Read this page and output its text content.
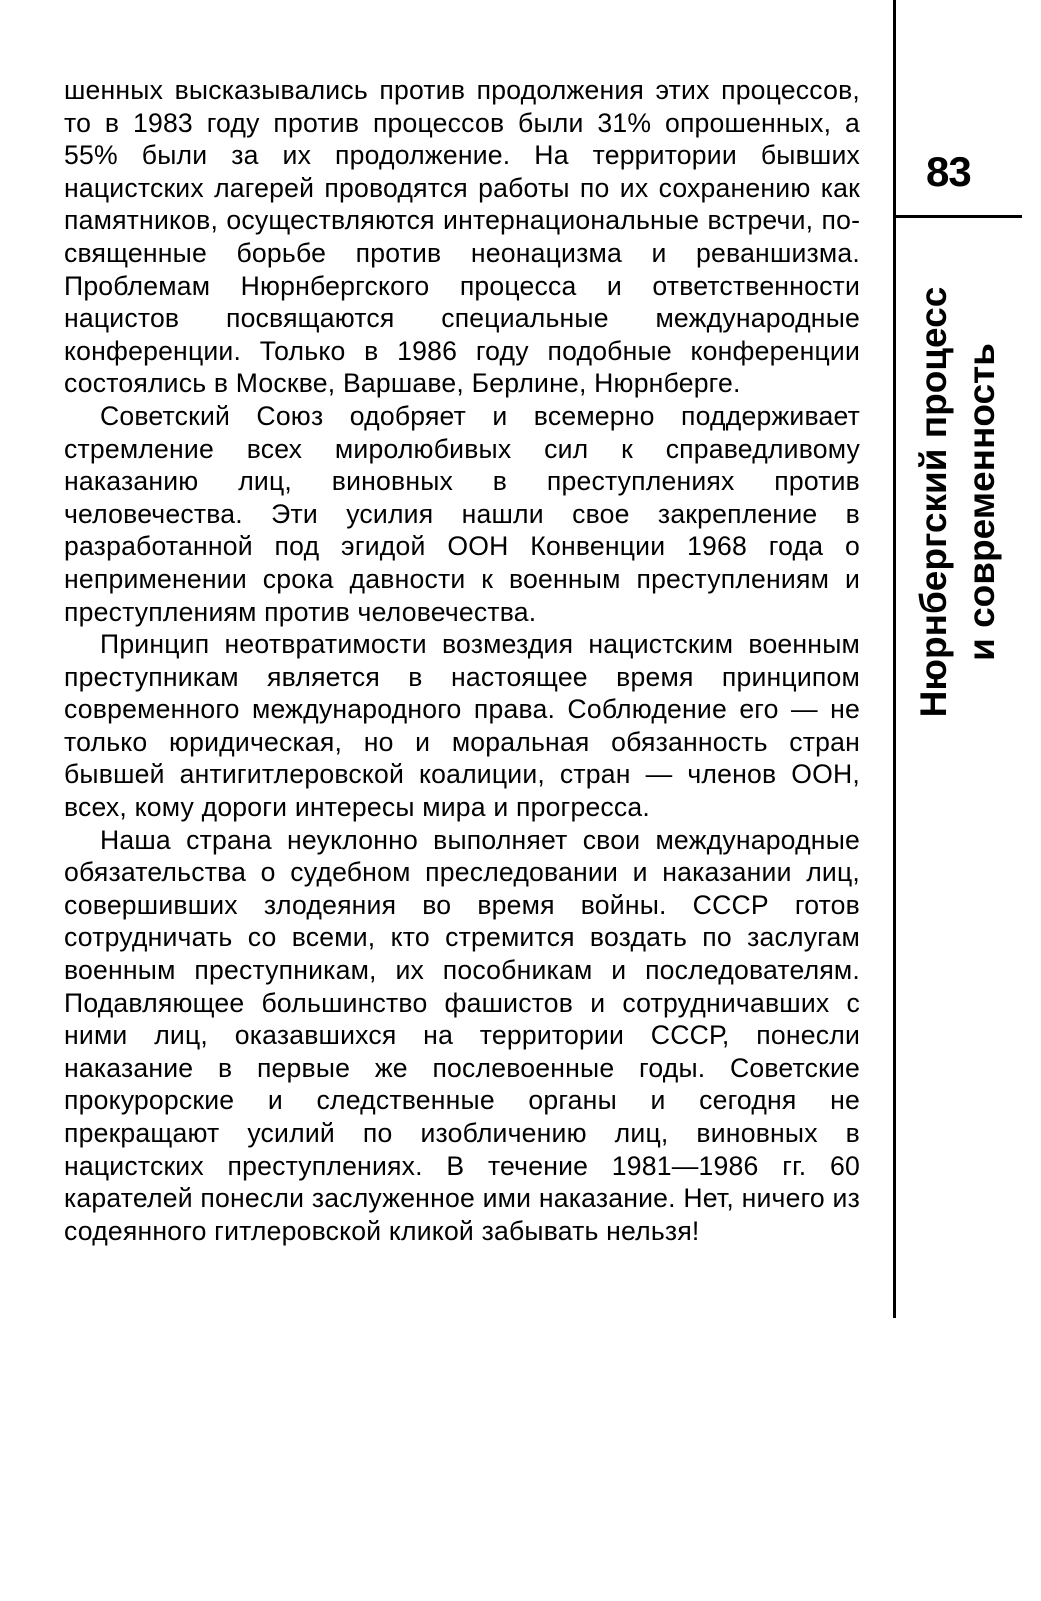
шенных высказывались против продолжения этих процессов, то в 1983 году против процессов были 31% опрошенных, а 55% были за их продолжение. На территории бывших нацистских лагерей проводятся работы по их сохранению как памятников, осуществляются интернациональные встречи, посвященные борьбе против неонацизма и реваншизма. Проблемам Нюрнбергского процесса и ответственности нацистов посвящаются специальные международные конференции. Только в 1986 году подобные конференции состоялись в Москве, Варшаве, Берлине, Нюрнберге.

Советский Союз одобряет и всемерно поддерживает стремление всех миролюбивых сил к справедливому наказанию лиц, виновных в преступлениях против человечества. Эти усилия нашли свое закрепление в разработанной под эгидой ООН Конвенции 1968 года о неприменении срока давности к военным преступлениям и преступлениям против человечества.

Принцип неотвратимости возмездия нацистским военным преступникам является в настоящее время принципом современного международного права. Соблюдение его — не только юридическая, но и моральная обязанность стран бывшей антигитлеровской коалиции, стран — членов ООН, всех, кому дороги интересы мира и прогресса.

Наша страна неуклонно выполняет свои международные обязательства о судебном преследовании и наказании лиц, совершивших злодеяния во время войны. СССР готов сотрудничать со всеми, кто стремится воздать по заслугам военным преступникам, их пособникам и последователям. Подавляющее большинство фашистов и сотрудничавших с ними лиц, оказавшихся на территории СССР, понесли наказание в первые же послевоенные годы. Советские прокурорские и следственные органы и сегодня не прекращают усилий по изобличению лиц, виновных в нацистских преступлениях. В течение 1981—1986 гг. 60 карателей понесли заслуженное ими наказание. Нет, ничего из содеянного гитлеровской кликой забывать нельзя!

83
Нюрнбергский процесс и современность
